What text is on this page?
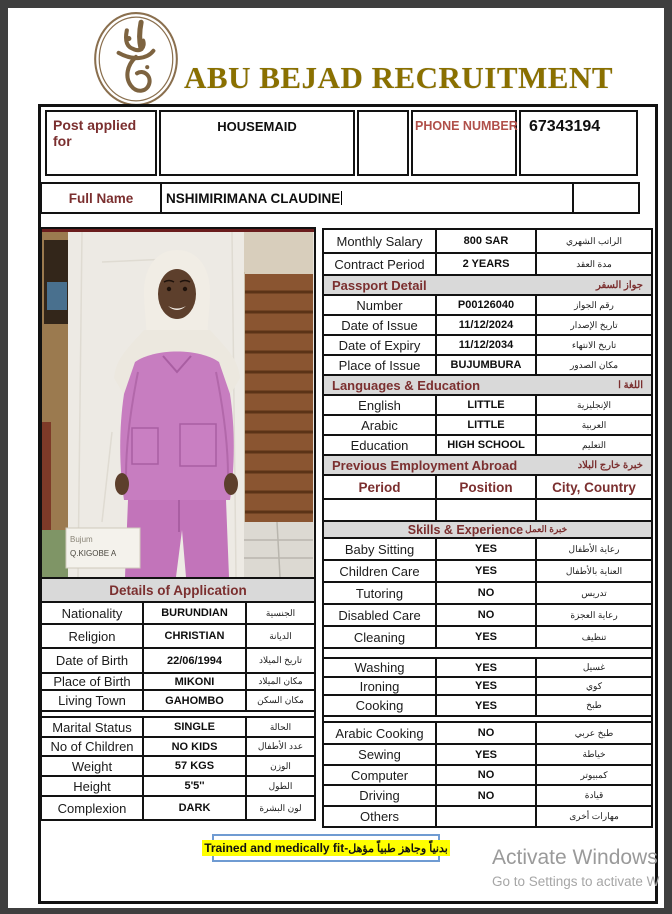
ABU BEJAD RECRUITMENT
Post applied for
HOUSEMAID	PHONE NUMBER 67343194
Full Name NSHIMIRIMANA CLAUDINE
Bujum
Q.KIGOBE A
Details of Application
Nationality	BURUNDIAN	الجنسية
Religion	CHRISTIAN	الديانة
Date of Birth	22/06/1994	تاريخ الميلاد
Place of Birth	MIKONI	مكان الميلاد
Living Town	GAHOMBO	مكان السكن
Marital Status	SINGLE	الحالة
No of Children	NO KIDS	عدد الأطفال
Weight	57 KGS	الوزن
Height	5'5''	الطول
Complexion	DARK	لون البشرة
Monthly Salary	800 SAR	الراتب الشهري
Contract Period	2 YEARS	مدة العقد
Passport Detail	جواز السفر
Number	P00126040	رقم الجواز
Date of Issue	11/12/2024	تاريخ الإصدار
Date of Expiry	11/12/2034	تاريخ الانتهاء
Place of Issue	BUJUMBURA	مكان الصدور
Languages & Education	اللغة ا
English	LITTLE	الإنجليزية
Arabic	LITTLE	العربية
Education	HIGH SCHOOL	التعليم
Previous Employment Abroad	خبرة خارج البلاد
Period	Position	City, Country
Skills & Experience خبرة العمل
Baby Sitting	YES	رعاية الأطفال
Children Care	YES	العناية بالأطفال
Tutoring	NO	تدريس
Disabled Care	NO	رعاية العجزة
Cleaning	YES	تنظيف
Washing	YES	غسيل
Ironing	YES	كوي
Cooking	YES	طبخ
Arabic Cooking	NO	طبخ عربي
Sewing	YES	خياطة
Computer	NO	كمبيوتر
Driving	NO	قيادة
Others	مهارات أخرى
Trained and medically fit-بدنياً وجاهز طبياً مؤهل Activate Windows
Go to Settings to activate W
